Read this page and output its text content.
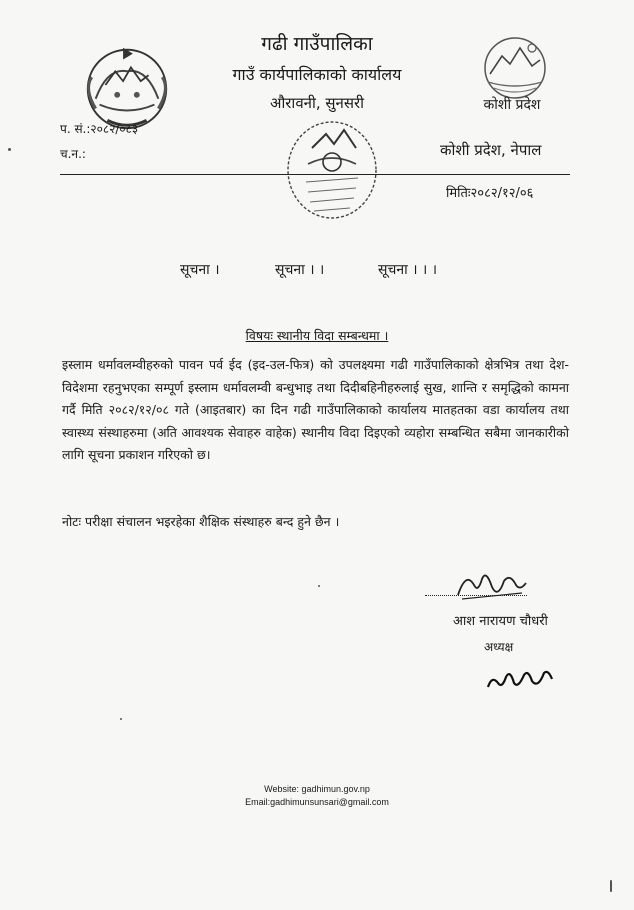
गढी गाउँपालिका
गाउँ कार्यपालिकाको कार्यालय
औरावनी, सुनसरी	कोशी प्रदेश
प. सं.:२०८२/०८३
च.न.:	कोशी प्रदेश, नेपाल
मितिः२०८२/१२/०६
सूचना ।	सूचना । ।	सूचना । । ।
विषयः स्थानीय विदा सम्बन्धमा ।
इस्लाम धर्मावलम्वीहरुको पावन पर्व ईद (इद-उल-फित्र) को उपलक्ष्यमा गढी गाउँपालिकाको क्षेत्रभित्र तथा देश-विदेशमा रहनुभएका सम्पूर्ण इस्लाम धर्मावलम्वी बन्धुभाइ तथा दिदीबहिनीहरुलाई सुख, शान्ति र समृद्धिको कामना गर्दै मिति २०८२/१२/०८ गते (आइतबार) का दिन गढी गाउँपालिकाको कार्यालय मातहतका वडा कार्यालय तथा स्वास्थ्य संस्थाहरुमा (अति आवश्यक सेवाहरु वाहेक) स्थानीय विदा दिइएको व्यहोरा सम्बन्धित सबैमा जानकारीको लागि सूचना प्रकाशन गरिएको छ।
नोटः परीक्षा संचालन भइरहेका शैक्षिक संस्थाहरु बन्द हुने छैन ।
आश नारायण चौधरी
अध्यक्ष
Website: gadhimun.gov.np
Email:gadhimunsunsari@gmail.com
